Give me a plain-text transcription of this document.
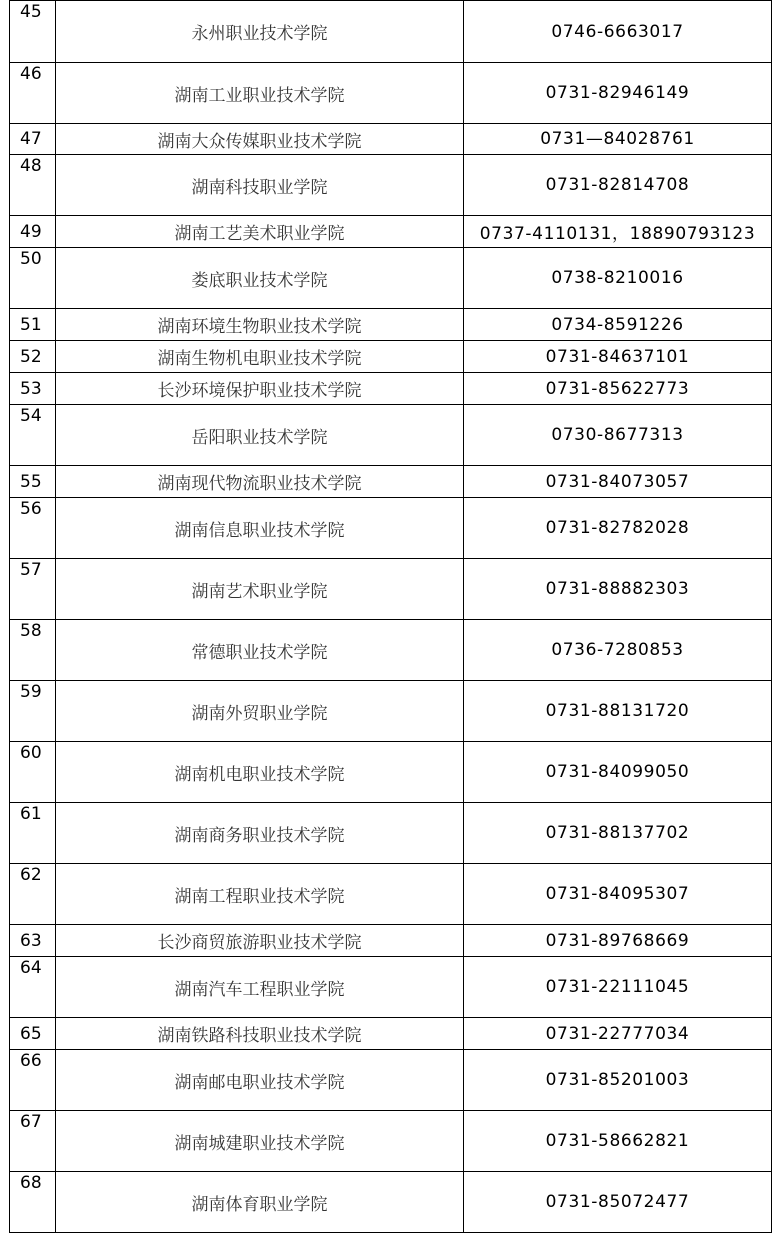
45	永州职业技术学院	0746-6663017
46	湖南工业职业技术学院	0731-82946149
47	湖南大众传媒职业技术学院	0731—84028761
48	湖南科技职业学院	0731-82814708
49	湖南工艺美术职业学院	0737-4110131，18890793123
50	娄底职业技术学院	0738-8210016
51	湖南环境生物职业技术学院	0734-8591226
52	湖南生物机电职业技术学院	0731-84637101
53	长沙环境保护职业技术学院	0731-85622773
54	岳阳职业技术学院	0730-8677313
55	湖南现代物流职业技术学院	0731-84073057
56	湖南信息职业技术学院	0731-82782028
57	湖南艺术职业学院	0731-88882303
58	常德职业技术学院	0736-7280853
59	湖南外贸职业学院	0731-88131720
60	湖南机电职业技术学院	0731-84099050
61	湖南商务职业技术学院	0731-88137702
62	湖南工程职业技术学院	0731-84095307
63	长沙商贸旅游职业技术学院	0731-89768669
64	湖南汽车工程职业学院	0731-22111045
65	湖南铁路科技职业技术学院	0731-22777034
66	湖南邮电职业技术学院	0731-85201003
67	湖南城建职业技术学院	0731-58662821
68	湖南体育职业学院	0731-85072477
